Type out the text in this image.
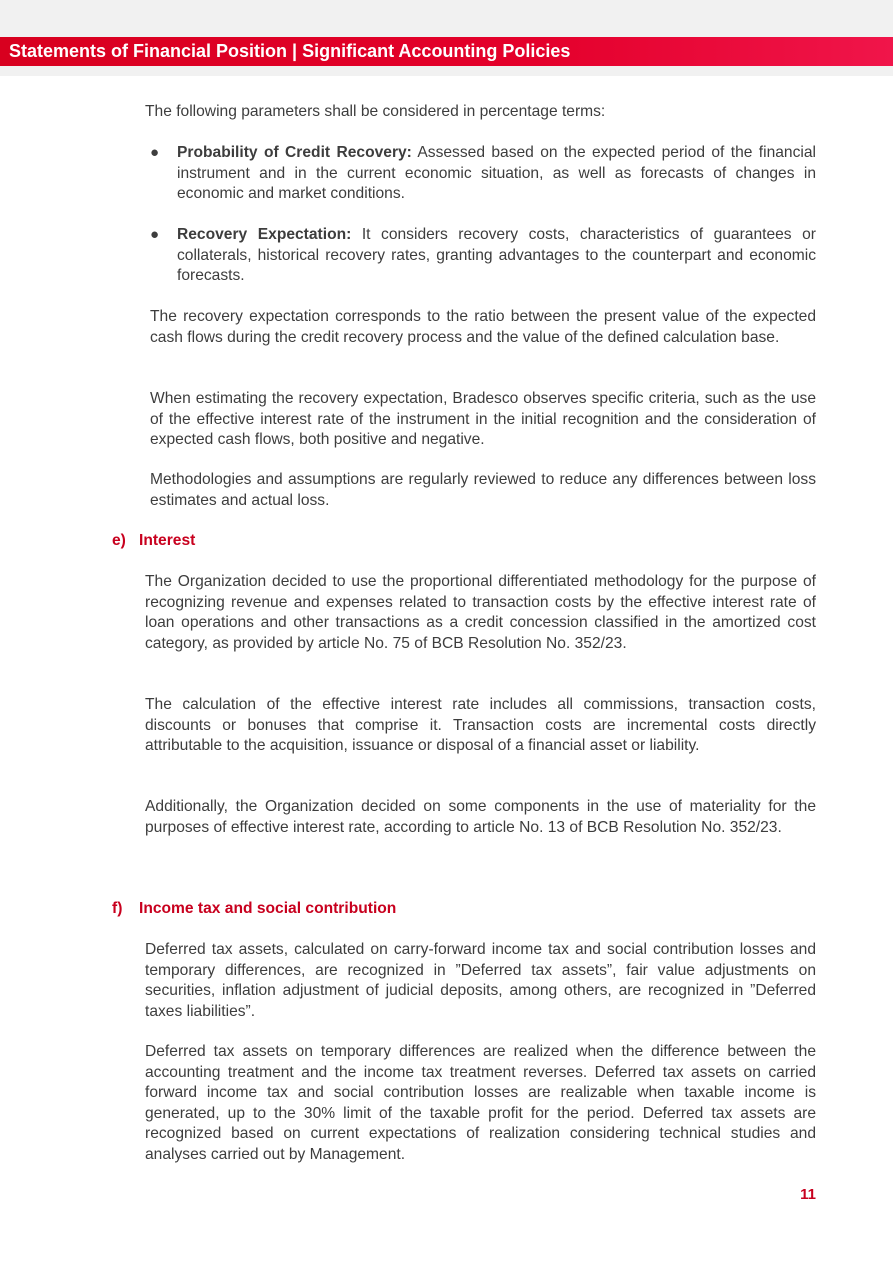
Statements of Financial Position | Significant Accounting Policies

The following parameters shall be considered in percentage terms:

● Probability of Credit Recovery: Assessed based on the expected period of the financial instrument and in the current economic situation, as well as forecasts of changes in economic and market conditions.

● Recovery Expectation: It considers recovery costs, characteristics of guarantees or collaterals, historical recovery rates, granting advantages to the counterpart and economic forecasts.

The recovery expectation corresponds to the ratio between the present value of the expected cash flows during the credit recovery process and the value of the defined calculation base.

When estimating the recovery expectation, Bradesco observes specific criteria, such as the use of the effective interest rate of the instrument in the initial recognition and the consideration of expected cash flows, both positive and negative.

Methodologies and assumptions are regularly reviewed to reduce any differences between loss estimates and actual loss.

e) Interest

The Organization decided to use the proportional differentiated methodology for the purpose of recognizing revenue and expenses related to transaction costs by the effective interest rate of loan operations and other transactions as a credit concession classified in the amortized cost category, as provided by article No. 75 of BCB Resolution No. 352/23.

The calculation of the effective interest rate includes all commissions, transaction costs, discounts or bonuses that comprise it. Transaction costs are incremental costs directly attributable to the acquisition, issuance or disposal of a financial asset or liability.

Additionally, the Organization decided on some components in the use of materiality for the purposes of effective interest rate, according to article No. 13 of BCB Resolution No. 352/23.

f) Income tax and social contribution

Deferred tax assets, calculated on carry-forward income tax and social contribution losses and temporary differences, are recognized in ”Deferred tax assets”, fair value adjustments on securities, inflation adjustment of judicial deposits, among others, are recognized in ”Deferred taxes liabilities”.

Deferred tax assets on temporary differences are realized when the difference between the accounting treatment and the income tax treatment reverses. Deferred tax assets on carried forward income tax and social contribution losses are realizable when taxable income is generated, up to the 30% limit of the taxable profit for the period. Deferred tax assets are recognized based on current expectations of realization considering technical studies and analyses carried out by Management.

11
